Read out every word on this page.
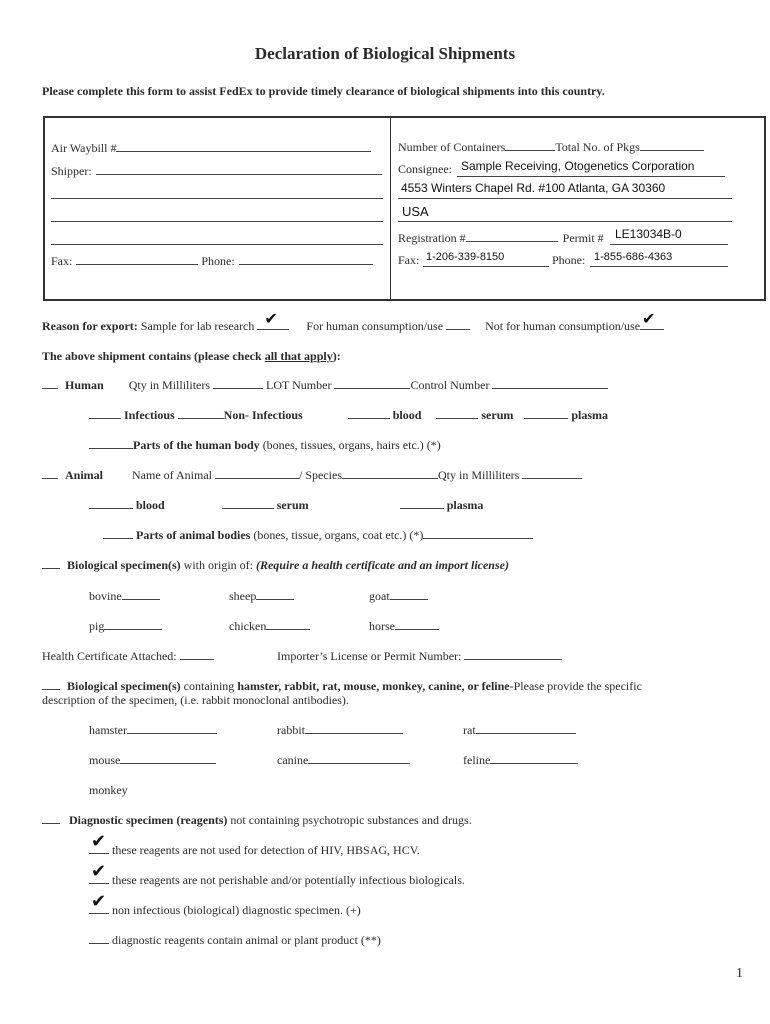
Declaration of Biological Shipments
Please complete this form to assist FedEx to provide timely clearance of biological shipments into this country.
Air Waybill #
Shipper:
Fax:	Phone:
Number of Containers	Total No. of Pkgs
Consignee: Sample Receiving, Otogenetics Corporation
4553 Winters Chapel Rd. #100 Atlanta, GA 30360
USA
Registration #	Permit # LE13034B-0
Fax: 1-206-339-8150	Phone: 1-855-686-4363
Reason for export: Sample for lab research ✔ For human consumption/use	Not for human consumption/use ✔
The above shipment contains (please check all that apply):
Human Qty in Milliliters	LOT Number	Control Number
Infectious	Non- Infectious	blood	serum	plasma
Parts of the human body (bones, tissues, organs, hairs etc.) (*)
Animal Name of Animal	/ Species	Qty in Milliliters
blood	serum	plasma
Parts of animal bodies (bones, tissue, organs, coat etc.) (*)
Biological specimen(s) with origin of: (Require a health certificate and an import license)
bovine	sheep	goat
pig	chicken	horse
Health Certificate Attached:	Importer’s License or Permit Number:
Biological specimen(s) containing hamster, rabbit, rat, mouse, monkey, canine, or feline-Please provide the specific
description of the specimen, (i.e. rabbit monoclonal antibodies).
hamster	rabbit	rat
mouse	canine	feline
monkey
Diagnostic specimen (reagents) not containing psychotropic substances and drugs.
✔ these reagents are not used for detection of HIV, HBSAG, HCV.
✔ these reagents are not perishable and/or potentially infectious biologicals.
✔ non infectious (biological) diagnostic specimen. (+)
diagnostic reagents contain animal or plant product (**)
1
